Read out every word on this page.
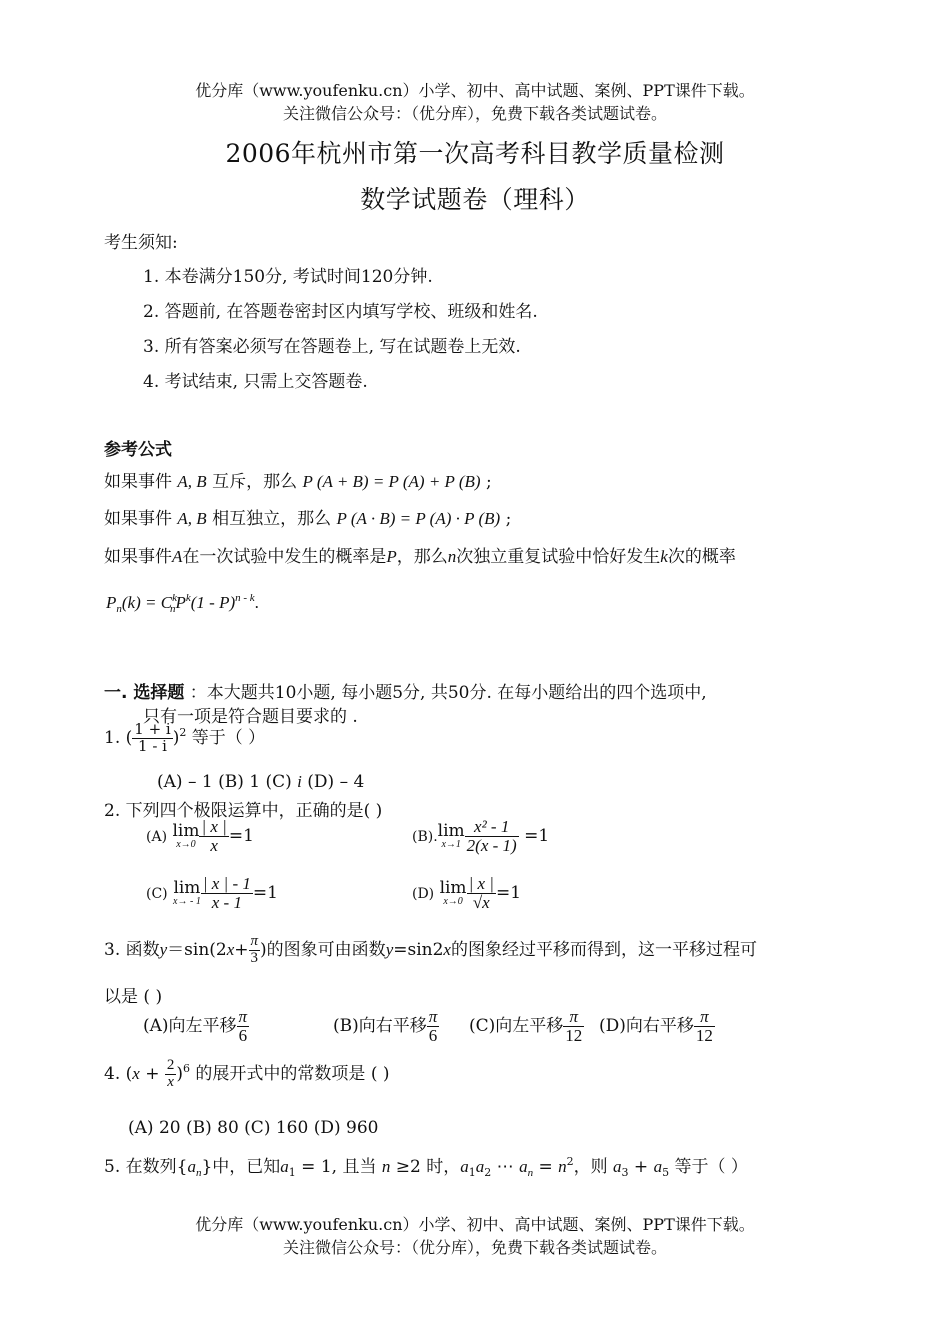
优分库（www.youfenku.cn）小学、初中、高中试题、案例、PPT课件下载。
关注微信公众号：（优分库），免费下载各类试题试卷。
2006年杭州市第一次高考科目教学质量检测
数学试题卷（理科）
考生须知:
1. 本卷满分150分, 考试时间120分钟.
2. 答题前, 在答题卷密封区内填写学校、班级和姓名.
3. 所有答案必须写在答题卷上, 写在试题卷上无效.
4. 考试结束, 只需上交答题卷.
参考公式
如果事件 A, B 互斥，那么 P (A + B) = P (A) + P (B) ;
如果事件 A, B 相互独立，那么 P (A · B) = P (A) · P (B) ;
如果事件A在一次试验中发生的概率是P，那么n次独立重复试验中恰好发生k次的概率
$P_n(k) = C^k_nP^k(1 - P)^{n - k}$.
一. 选择题 ：本大题共10小题, 每小题5分, 共50分. 在每小题给出的四个选项中,
只有一项是符合题目要求的 .
1. ( $\frac{1 + i}{1 - i} )^2$ 等于（ ）
(A) – 1 (B) 1 (C) i (D) – 4
2. 下列四个极限运算中，正确的是( )
(A) lim
$x\to 0 \frac{| x |}{x} =1$	(B). lim
$x\to 1 \frac{\text{x² - 1}}{2(x - 1)} =1$
(C) lim
$x\to - 1 \frac{| x | - 1}{x - 1} =1$	(D) lim
$x\to 0 \frac{| x |}{√x} =1$
3. 函数$y=\sin(2x+ \frac{\pi}{3}$ )的图象可由函数y=sin2x的图象经过平移而得到，这一平移过程可
以是 ( )
(A)向左平移 $\frac{\pi}{6}$	(B)向右平移 $\frac{\pi}{6} (C)$向左平移 $\frac{\pi}{12} (D)$向右平移 $\frac{\pi}{12}$
4. $(x + \frac{2}{x} )^6$ 的展开式中的常数项是 ( )
(A) 20 (B) 80 (C) 160 (D) 960
5. 在数列$\{a_n\}$中，已知$a_1 = 1$, 且当 n ≥2 时，$a_1a_2$ ⋯ $a_n = n^2$，则 $a_3 + a_5$ 等于（ ）
优分库（www.youfenku.cn）小学、初中、高中试题、案例、PPT课件下载。
关注微信公众号：（优分库），免费下载各类试题试卷。
